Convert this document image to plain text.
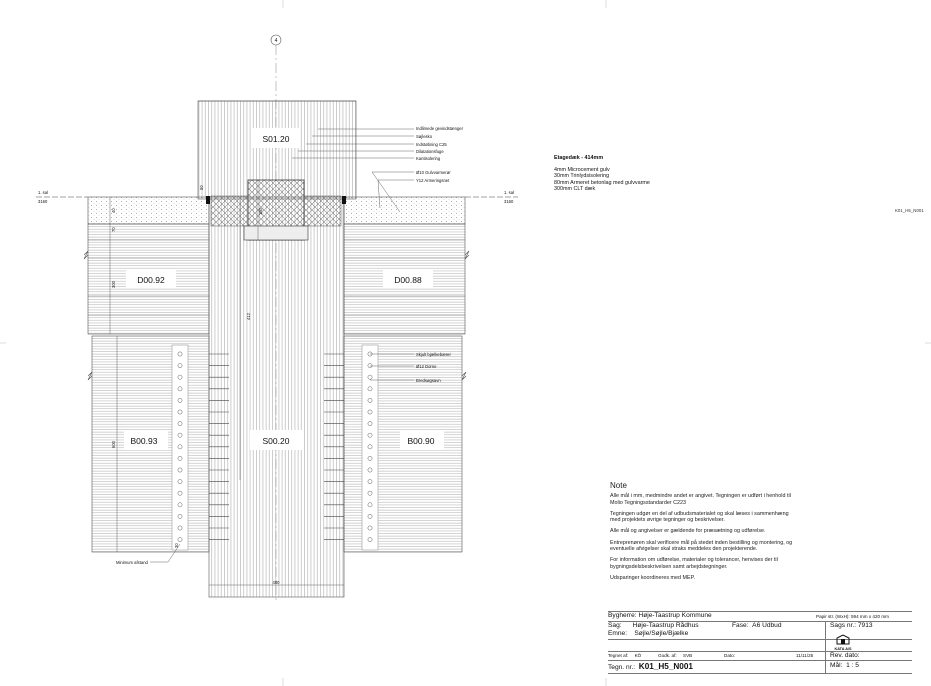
4
S01.20
D00.92	D00.88
S00.20
B00.93	B00.90
1. sal
3160
1. sal
3160
40
70
300
50
180
412
600
480
30
Indlimede gevindstænger
Søjlesko
Indstøbning C25
Dilatationsfuge
Kantisolering
Ø10 Gulvvarmerør
Y12 Armeringsnet
Skjult bjælkebærer
Ø12 Dorne
Bredsøgsavn
Minimum afstand
Etagedæk - 414mm
4mm Microcement gulv
30mm Trinlydsisolering
80mm Armeret betonlag med gulvvarme
300mm CLT dæk
K01_H5_N001
Note

Alle mål i mm, medmindre andet er angivet. Tegningen er udført i henhold til Molio Tegningsstandarder C223

Tegningen udgør en del af udbudsmaterialet og skal læses i sammenhæng med projektets øvrige tegninger og beskrivelser.

Alle mål og angivelser er gældende for præsætning og udførelse.

Entreprenøren skal verificere mål på stedet inden bestilling og montering, og eventuelle afvigelser skal straks meddeles den projekterende.

For information om udførelse, materialer og tolerancer, henvises der til bygningsdelsbeskrivelsen samt arbejdstegninger.

Udsparinger koordineres med MEP.

Bygherre: Høje-Taastrup Kommune	Papir str. (WxH): 594 mm x 420 mm
Sag: Høje-Taastrup Rådhus	Fase: A6 Udbud	Sags nr.: 7913
Emne: Søjle/Søjle/Bjælke
KATA A/S
Tegnet af: KÖ	Godk. af: SVB	Dato:	11/11/25	Rev. dato:
Tegn. nr.: K01_H5_N001	Mål: 1 : 5
